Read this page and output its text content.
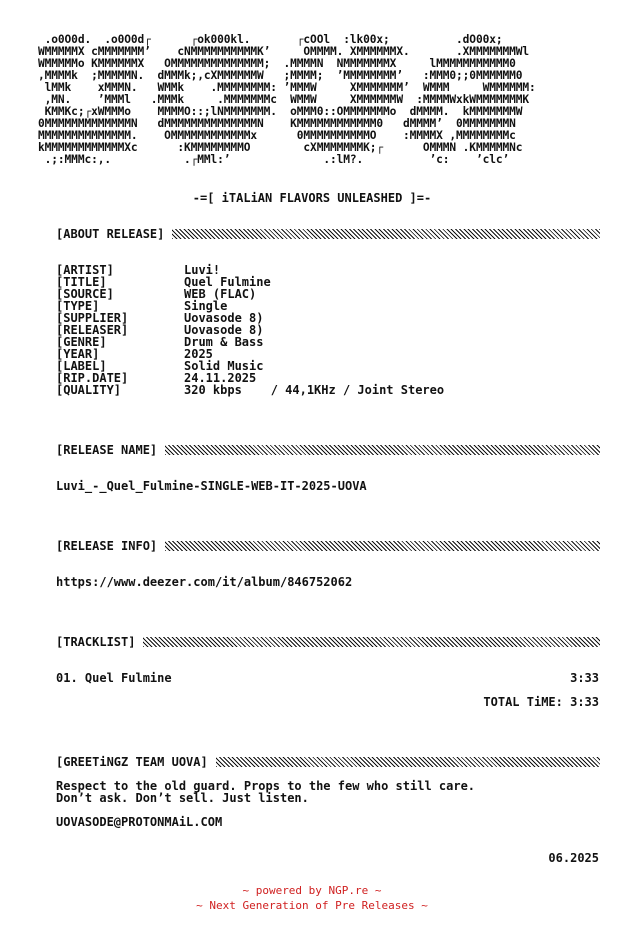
.o0O0d.  .o0O0d┌      ┌ok000kl.       ┌cOOl  :lk00x;          .dO00x;
WMMMMMX cMMMMMMM’    cNMMMMMMMMMMK’     OMMMM. XMMMMMMX.       .XMMMMMMMWl
WMMMMMo KMMMMMMX   OMMMMMMMMMMMMMM;  .MMMMN  NMMMMMMMX     lMMMMMMMMMMM0
,MMMMk  ;MMMMMN.  dMMMk;,cXMMMMMMW   ;MMMM;  ’MMMMMMMM’   :MMM0;;0MMMMMM0
lMMk    xMMMN.   WMMk    .MMMMMMMM: ’MMMW     XMMMMMMM’  WMMM     WMMMMMM:
,MN.    ’MMMl   .MMMk     .MMMMMMMc  WMMW     XMMMMMMW  :MMMMWxkWMMMMMMMK
KMMKc;┌xWMMMo    MMMMO::;lNMMMMMMM.  oMMM0::OMMMMMMMo  dMMMM.  kMMMMMMMW
0MMMMMMMMMMMMMN   dMMMMMMMMMMMMMMN    KMMMMMMMMMMMM0   dMMMM’  0MMMMMMMN
MMMMMMMMMMMMMM.    OMMMMMMMMMMMMx      0MMMMMMMMMMO    :MMMMX ,MMMMMMMMc
kMMMMMMMMMMMMXc      :KMMMMMMMMO        cXMMMMMMMK;┌      OMMMN .KMMMMMNc
.;:MMMc:,.           .┌MMl:’              .:lM?.          ’c:    ’clc’
-=[ iTALiAN FLAVORS UNLEASHED ]=-
[ABOUT RELEASE]
[ARTIST]	Luvi!
[TITLE]	Quel Fulmine
[SOURCE]	WEB (FLAC)
[TYPE]	Single
[SUPPLIER]	Uovasode 8)
[RELEASER]	Uovasode 8)
[GENRE]	Drum & Bass
[YEAR]	2025
[LABEL]	Solid Music
[RIP.DATE]	24.11.2025
[QUALITY]	320 kbps    / 44,1KHz / Joint Stereo
[RELEASE NAME]
Luvi_-_Quel_Fulmine-SINGLE-WEB-IT-2025-UOVA
[RELEASE INFO]
https://www.deezer.com/it/album/846752062
[TRACKLIST]
01. Quel Fulmine	3:33
TOTAL TiME: 3:33
[GREETiNGZ TEAM UOVA]
Respect to the old guard. Props to the few who still care.
Don’t ask. Don’t sell. Just listen.
UOVASODE@PROTONMAiL.COM
06.2025
~ powered by NGP.re ~
~ Next Generation of Pre Releases ~
